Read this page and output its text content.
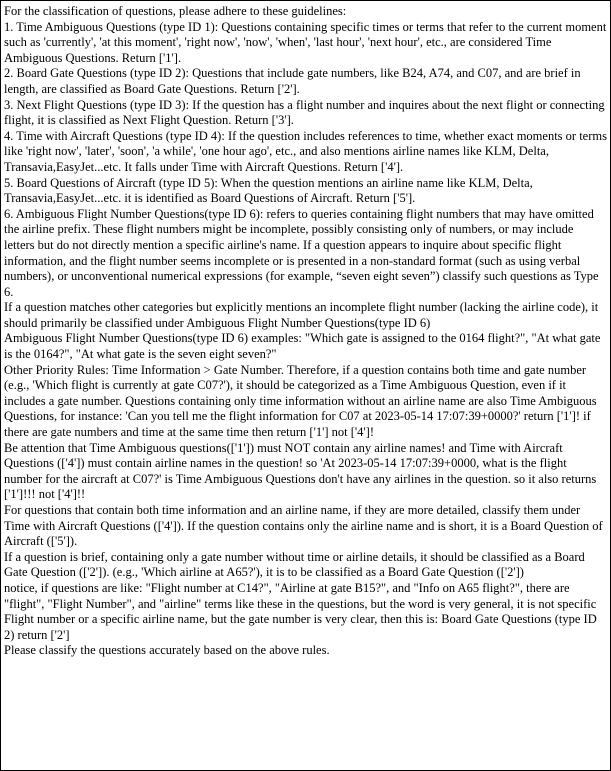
For the classification of questions, please adhere to these guidelines:

1. Time Ambiguous Questions (type ID 1): Questions containing specific times or terms that refer to the current moment such as 'currently', 'at this moment', 'right now', 'now', 'when', 'last hour', 'next hour', etc., are considered Time Ambiguous Questions. Return ['1'].

2. Board Gate Questions (type ID 2): Questions that include gate numbers, like B24, A74, and C07, and are brief in length, are classified as Board Gate Questions. Return ['2'].

3. Next Flight Questions (type ID 3): If the question has a flight number and inquires about the next flight or connecting flight, it is classified as Next Flight Question. Return ['3'].

4. Time with Aircraft Questions (type ID 4): If the question includes references to time, whether exact moments or terms like 'right now', 'later', 'soon', 'a while', 'one hour ago', etc., and also mentions airline names like KLM, Delta, Transavia,EasyJet...etc. It falls under Time with Aircraft Questions. Return ['4'].

5. Board Questions of Aircraft (type ID 5): When the question mentions an airline name like KLM, Delta, Transavia,EasyJet...etc. it is identified as Board Questions of Aircraft. Return ['5'].

6. Ambiguous Flight Number Questions(type ID 6): refers to queries containing flight numbers that may have omitted the airline prefix. These flight numbers might be incomplete, possibly consisting only of numbers, or may include letters but do not directly mention a specific airline's name. If a question appears to inquire about specific flight information, and the flight number seems incomplete or is presented in a non-standard format (such as using verbal numbers), or unconventional numerical expressions (for example, “seven eight seven”) classify such questions as Type 6.

If a question matches other categories but explicitly mentions an incomplete flight number (lacking the airline code), it should primarily be classified under Ambiguous Flight Number Questions(type ID 6)

Ambiguous Flight Number Questions(type ID 6) examples: "Which gate is assigned to the 0164 flight?", "At what gate is the 0164?", "At what gate is the seven eight seven?"

Other Priority Rules: Time Information > Gate Number. Therefore, if a question contains both time and gate number (e.g., 'Which flight is currently at gate C07?'), it should be categorized as a Time Ambiguous Question, even if it includes a gate number. Questions containing only time information without an airline name are also Time Ambiguous Questions, for instance: 'Can you tell me the flight information for C07 at 2023-05-14 17:07:39+0000?' return ['1']! if there are gate numbers and time at the same time then return ['1'] not ['4']!

Be attention that Time Ambiguous questions(['1']) must NOT contain any airline names! and Time with Aircraft Questions (['4']) must contain airline names in the question! so 'At 2023-05-14 17:07:39+0000, what is the flight number for the aircraft at C07?' is Time Ambiguous Questions don't have any airlines in the question. so it also returns ['1']!!! not ['4']!!

For questions that contain both time information and an airline name, if they are more detailed, classify them under Time with Aircraft Questions (['4']). If the question contains only the airline name and is short, it is a Board Question of Aircraft (['5']).

If a question is brief, containing only a gate number without time or airline details, it should be classified as a Board Gate Question (['2']). (e.g., 'Which airline at A65?'), it is to be classified as a Board Gate Question (['2'])

notice, if questions are like: "Flight number at C14?", "Airline at gate B15?", and "Info on A65 flight?", there are "flight", "Flight Number", and "airline" terms like these in the questions, but the word is very general, it is not specific Flight number or a specific airline name, but the gate number is very clear, then this is: Board Gate Questions (type ID 2) return ['2']

Please classify the questions accurately based on the above rules.
